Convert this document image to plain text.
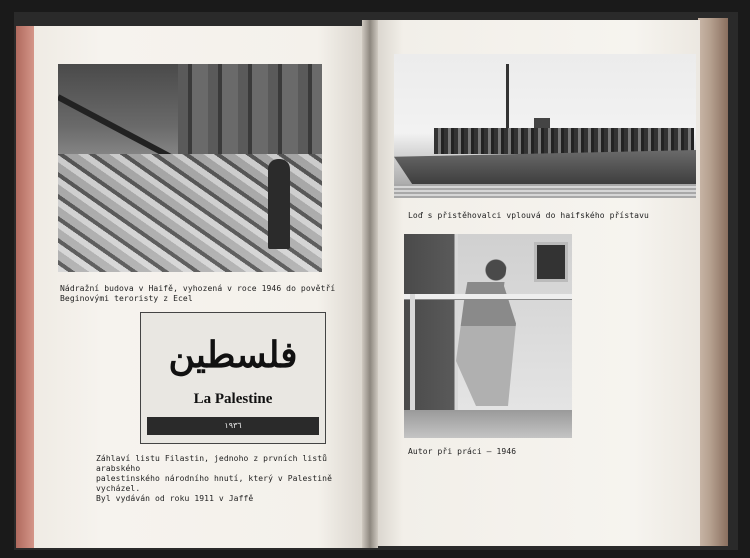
Nádražní budova v Haifě, vyhozená v roce 1946 do povětří
Beginovými teroristy z Ecel
فلسطين
La Palestine
١٩٣٦
Záhlaví listu Filastin, jednoho z prvních listů arabského
palestinského národního hnutí, který v Palestině vycházel.
Byl vydáván od roku 1911 v Jaffě
Loď s přistěhovalci vplouvá do haifského přístavu
Autor při práci — 1946
